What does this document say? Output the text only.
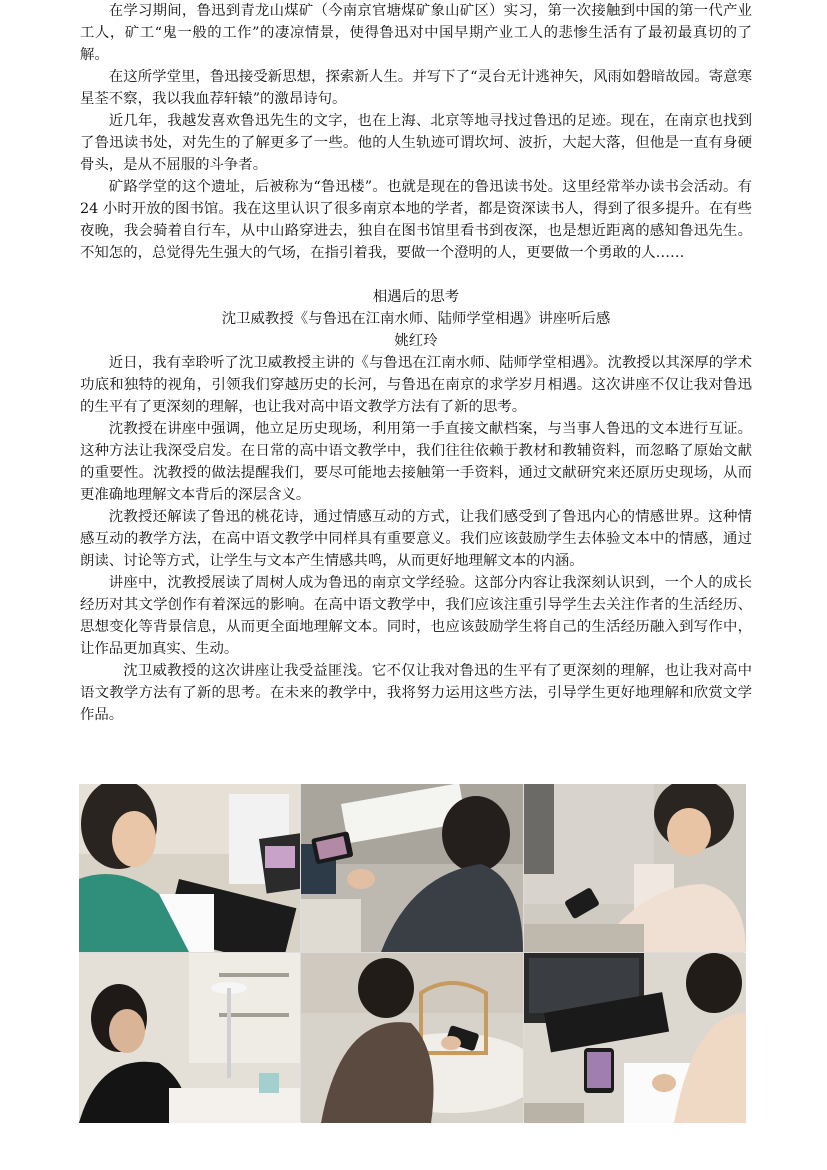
在学习期间，鲁迅到青龙山煤矿（今南京官塘煤矿象山矿区）实习，第一次接触到中国的第一代产业工人，矿工“鬼一般的工作”的凄凉情景，使得鲁迅对中国早期产业工人的悲惨生活有了最初最真切的了解。

在这所学堂里，鲁迅接受新思想，探索新人生。并写下了“灵台无计逃神矢，风雨如磐暗故园。寄意寒星荃不察，我以我血荐轩辕”的激昂诗句。

近几年，我越发喜欢鲁迅先生的文字，也在上海、北京等地寻找过鲁迅的足迹。现在，在南京也找到了鲁迅读书处，对先生的了解更多了一些。他的人生轨迹可谓坎坷、波折，大起大落，但他是一直有身硬骨头，是从不屈服的斗争者。

矿路学堂的这个遗址，后被称为“鲁迅楼”。也就是现在的鲁迅读书处。这里经常举办读书会活动。有 24 小时开放的图书馆。我在这里认识了很多南京本地的学者，都是资深读书人，得到了很多提升。在有些夜晚，我会骑着自行车，从中山路穿进去，独自在图书馆里看书到夜深，也是想近距离的感知鲁迅先生。不知怎的，总觉得先生强大的气场，在指引着我，要做一个澄明的人，更要做一个勇敢的人……

相遇后的思考
沈卫威教授《与鲁迅在江南水师、陆师学堂相遇》讲座听后感
姚红玲

近日，我有幸聆听了沈卫威教授主讲的《与鲁迅在江南水师、陆师学堂相遇》。沈教授以其深厚的学术功底和独特的视角，引领我们穿越历史的长河，与鲁迅在南京的求学岁月相遇。这次讲座不仅让我对鲁迅的生平有了更深刻的理解，也让我对高中语文教学方法有了新的思考。

沈教授在讲座中强调，他立足历史现场，利用第一手直接文献档案，与当事人鲁迅的文本进行互证。这种方法让我深受启发。在日常的高中语文教学中，我们往往依赖于教材和教辅资料，而忽略了原始文献的重要性。沈教授的做法提醒我们，要尽可能地去接触第一手资料，通过文献研究来还原历史现场，从而更准确地理解文本背后的深层含义。

沈教授还解读了鲁迅的桃花诗，通过情感互动的方式，让我们感受到了鲁迅内心的情感世界。这种情感互动的教学方法，在高中语文教学中同样具有重要意义。我们应该鼓励学生去体验文本中的情感，通过朗读、讨论等方式，让学生与文本产生情感共鸣，从而更好地理解文本的内涵。

讲座中，沈教授展读了周树人成为鲁迅的南京文学经验。这部分内容让我深刻认识到，一个人的成长经历对其文学创作有着深远的影响。在高中语文教学中，我们应该注重引导学生去关注作者的生活经历、思想变化等背景信息，从而更全面地理解文本。同时，也应该鼓励学生将自己的生活经历融入到写作中，让作品更加真实、生动。

沈卫威教授的这次讲座让我受益匪浅。它不仅让我对鲁迅的生平有了更深刻的理解，也让我对高中语文教学方法有了新的思考。在未来的教学中，我将努力运用这些方法，引导学生更好地理解和欣赏文学作品。
